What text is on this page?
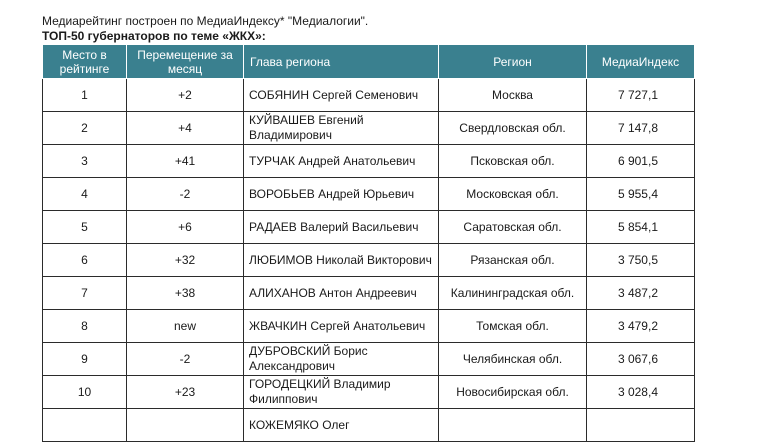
Медиарейтинг построен по МедиаИндексу* "Медиалогии".
ТОП-50 губернаторов по теме «ЖКХ»:
Место в рейтинге	Перемещение за месяц	Глава региона	Регион	МедиаИндекс
1	+2	СОБЯНИН Сергей Семенович	Москва	7 727,1
2	+4	КУЙВАШЕВ Евгений Владимирович	Свердловская обл.	7 147,8
3	+41	ТУРЧАК Андрей Анатольевич	Псковская обл.	6 901,5
4	-2	ВОРОБЬЕВ Андрей Юрьевич	Московская обл.	5 955,4
5	+6	РАДАЕВ Валерий Васильевич	Саратовская обл.	5 854,1
6	+32	ЛЮБИМОВ Николай Викторович	Рязанская обл.	3 750,5
7	+38	АЛИХАНОВ Антон Андреевич	Калининградская обл.	3 487,2
8	new	ЖВАЧКИН Сергей Анатольевич	Томская обл.	3 479,2
9	-2	ДУБРОВСКИЙ Борис Александрович	Челябинская обл.	3 067,6
10	+23	ГОРОДЕЦКИЙ Владимир Филиппович	Новосибирская обл.	3 028,4
		КОЖЕМЯКО Олег		
